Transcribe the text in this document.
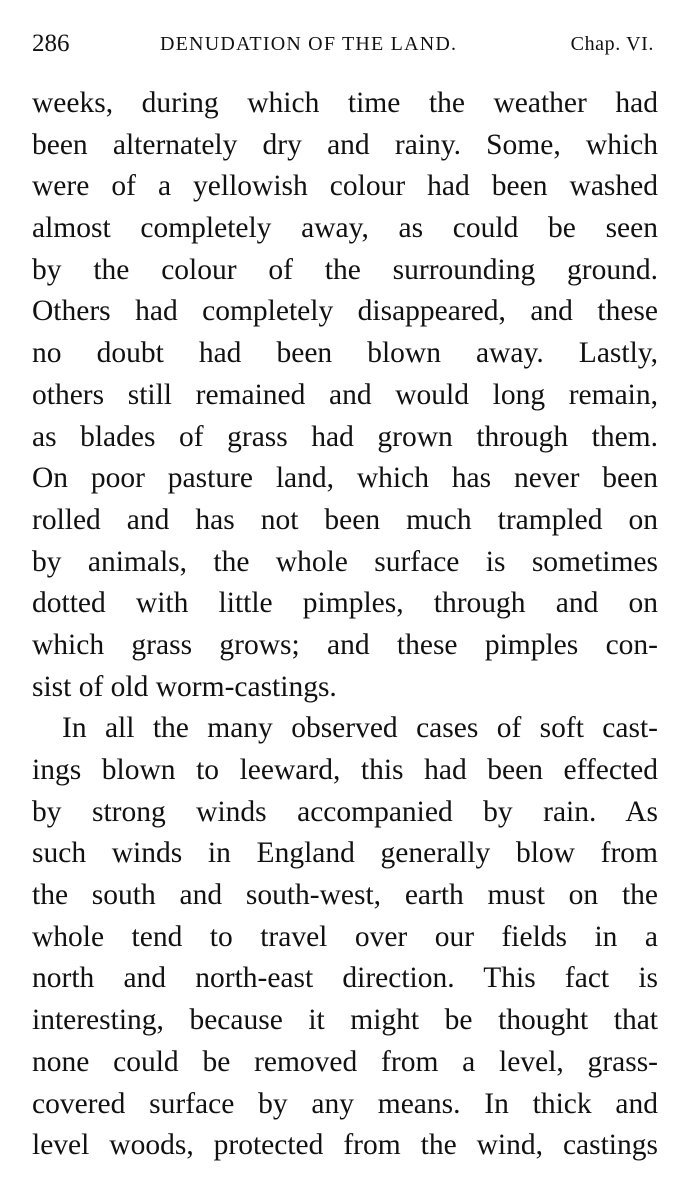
286	DENUDATION OF THE LAND.	Chap. VI.
weeks, during which time the weather had
been alternately dry and rainy. Some, which
were of a yellowish colour had been washed
almost completely away, as could be seen
by the colour of the surrounding ground.
Others had completely disappeared, and these
no doubt had been blown away. Lastly,
others still remained and would long remain,
as blades of grass had grown through them.
On poor pasture land, which has never been
rolled and has not been much trampled on
by animals, the whole surface is sometimes
dotted with little pimples, through and on
which grass grows; and these pimples con-
sist of old worm-castings.
In all the many observed cases of soft cast-
ings blown to leeward, this had been effected
by strong winds accompanied by rain. As
such winds in England generally blow from
the south and south-west, earth must on the
whole tend to travel over our fields in a
north and north-east direction. This fact is
interesting, because it might be thought that
none could be removed from a level, grass-
covered surface by any means. In thick and
level woods, protected from the wind, castings
